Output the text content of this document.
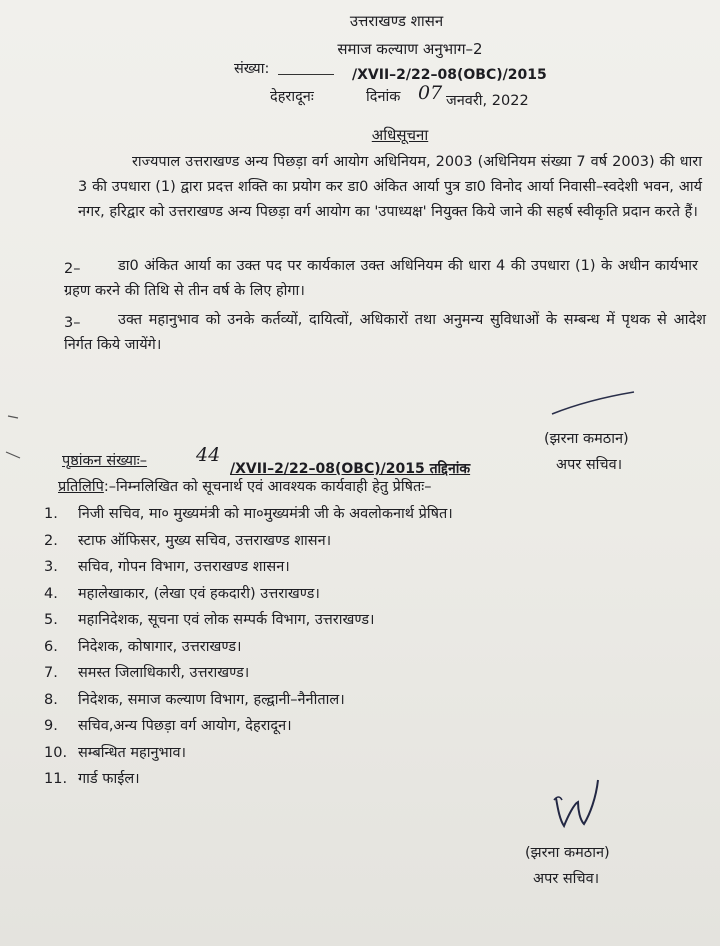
उत्तराखण्ड शासन
समाज कल्याण अनुभाग–2
संख्या:	/XVII–2/22–08(OBC)/2015
देहरादूनः	दिनांक 07 जनवरी, 2022
अधिसूचना
राज्यपाल उत्तराखण्ड अन्य पिछड़ा वर्ग आयोग अधिनियम, 2003 (अधिनियम संख्या 7 वर्ष 2003) की धारा 3 की उपधारा (1) द्वारा प्रदत्त शक्ति का प्रयोग कर डा0 अंकित आर्या पुत्र डा0 विनोद आर्या निवासी–स्वदेशी भवन, आर्य नगर, हरिद्वार को उत्तराखण्ड अन्य पिछड़ा वर्ग आयोग का 'उपाध्यक्ष' नियुक्त किये जाने की सहर्ष स्वीकृति प्रदान करते हैं।
2–	डा0 अंकित आर्या का उक्त पद पर कार्यकाल उक्त अधिनियम की धारा 4 की उपधारा (1) के अधीन कार्यभार ग्रहण करने की तिथि से तीन वर्ष के लिए होगा।
3–	उक्त महानुभाव को उनके कर्तव्यों, दायित्वों, अधिकारों तथा अनुमन्य सुविधाओं के सम्बन्ध में पृथक से आदेश निर्गत किये जायेंगे।
(झरना कमठान)
अपर सचिव।
पृष्ठांकन संख्याः–	44
/XVII–2/22–08(OBC)/2015 तद्दिनांक
प्रतिलिपि:–निम्नलिखित को सूचनार्थ एवं आवश्यक कार्यवाही हेतु प्रेषितः–
1.	निजी सचिव, मा० मुख्यमंत्री को मा०मुख्यमंत्री जी के अवलोकनार्थ प्रेषित।
2.	स्टाफ ऑफिसर, मुख्य सचिव, उत्तराखण्ड शासन।
3.	सचिव, गोपन विभाग, उत्तराखण्ड शासन।
4.	महालेखाकार, (लेखा एवं हकदारी) उत्तराखण्ड।
5.	महानिदेशक, सूचना एवं लोक सम्पर्क विभाग, उत्तराखण्ड।
6.	निदेशक, कोषागार, उत्तराखण्ड।
7.	समस्त जिलाधिकारी, उत्तराखण्ड।
8.	निदेशक, समाज कल्याण विभाग, हल्द्वानी–नैनीताल।
9.	सचिव,अन्य पिछड़ा वर्ग आयोग, देहरादून।
10. सम्बन्धित महानुभाव।
11. गार्ड फाईल।
(झरना कमठान)
अपर सचिव।
